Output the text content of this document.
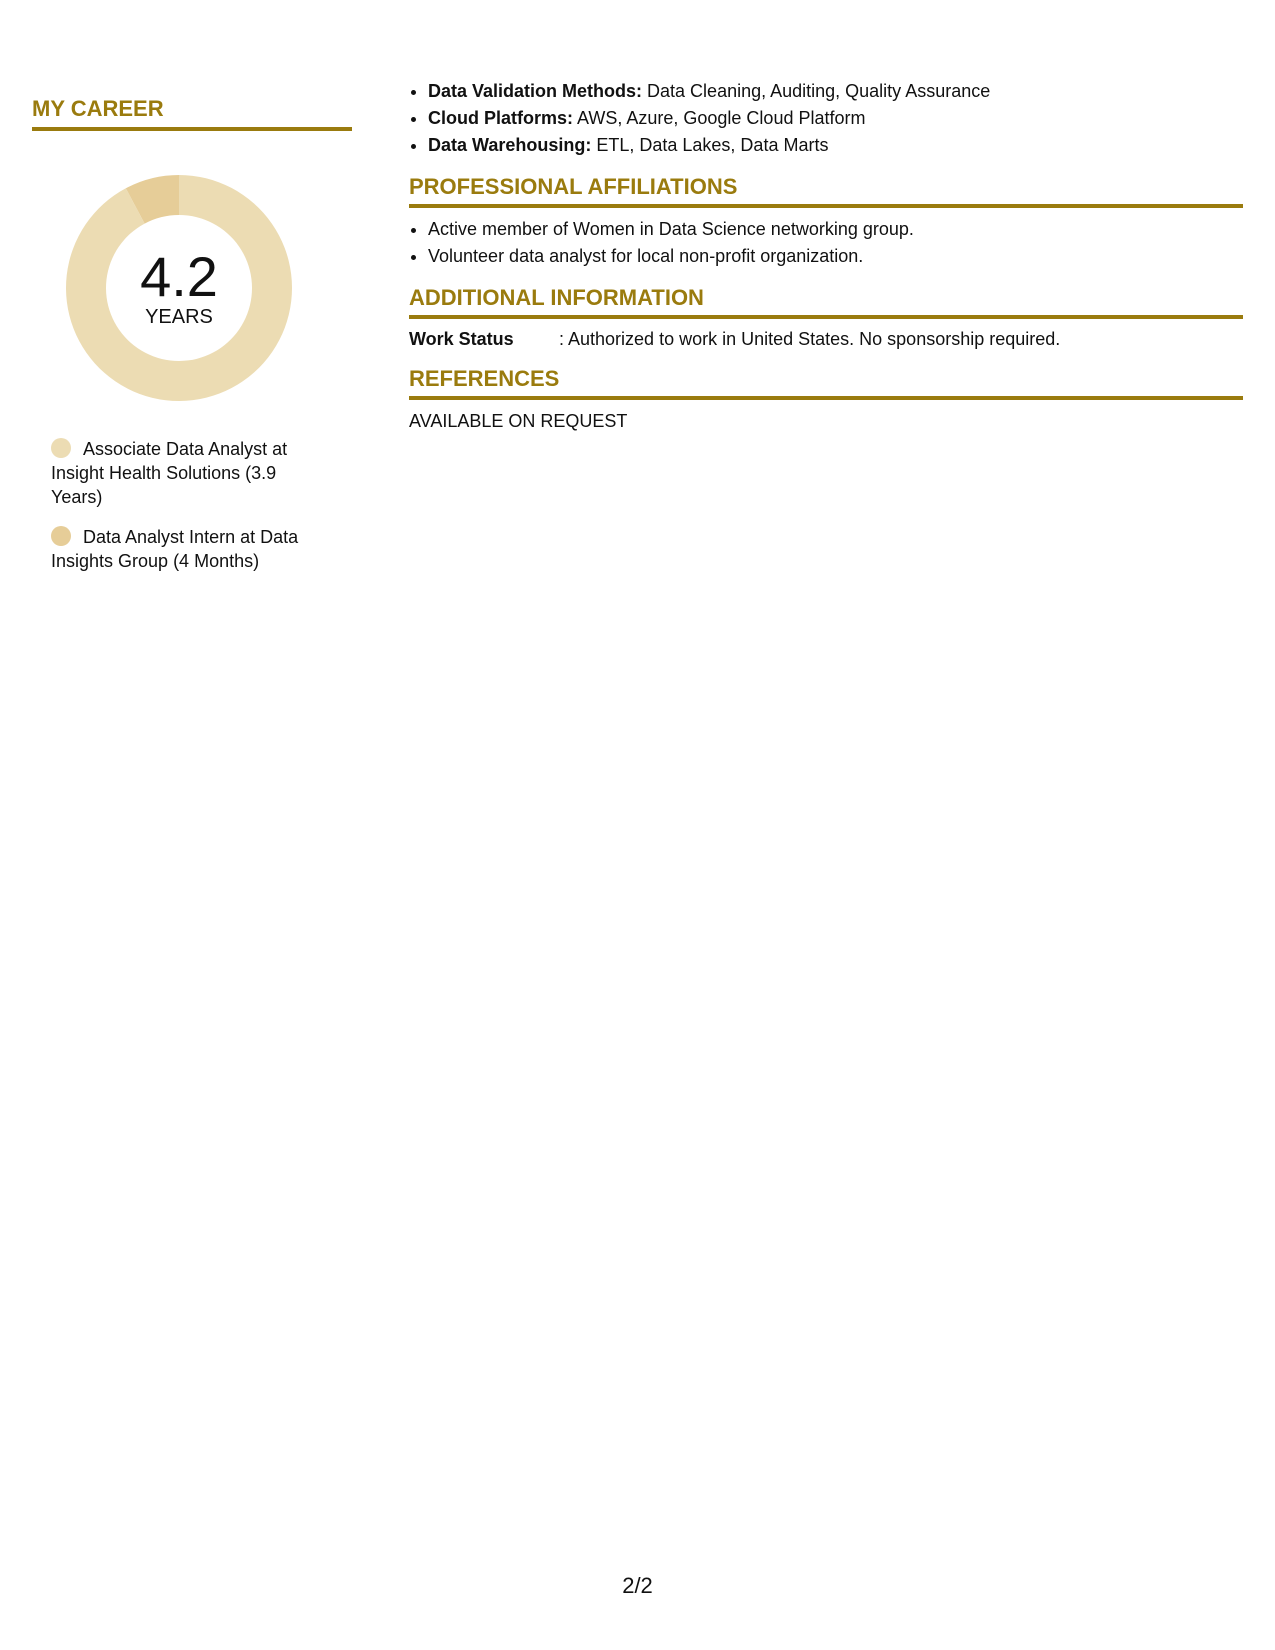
MY CAREER
4.2
YEARS
Associate Data Analyst at Insight Health Solutions (3.9 Years)
Data Analyst Intern at Data Insights Group (4 Months)
• Data Validation Methods: Data Cleaning, Auditing, Quality Assurance
• Cloud Platforms: AWS, Azure, Google Cloud Platform
• Data Warehousing: ETL, Data Lakes, Data Marts
PROFESSIONAL AFFILIATIONS
• Active member of Women in Data Science networking group.
• Volunteer data analyst for local non-profit organization.
ADDITIONAL INFORMATION
Work Status	: Authorized to work in United States. No sponsorship required.
REFERENCES
AVAILABLE ON REQUEST
2/2
